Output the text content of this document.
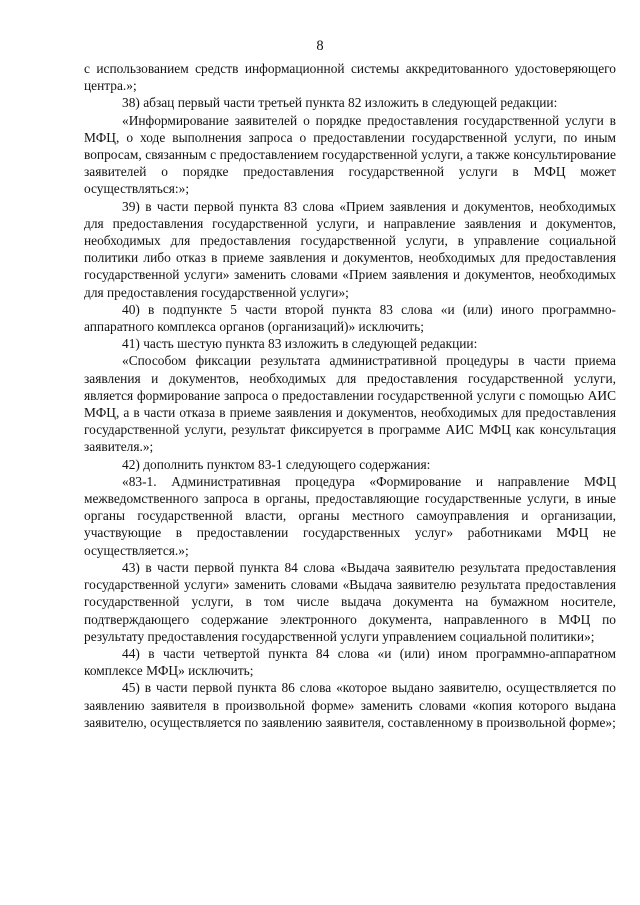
8

с использованием средств информационной системы аккредитованного удостоверяющего центра.»;

38) абзац первый части третьей пункта 82 изложить в следующей редакции:

«Информирование заявителей о порядке предоставления государственной услуги в МФЦ, о ходе выполнения запроса о предоставлении государственной услуги, по иным вопросам, связанным с предоставлением государственной услуги, а также консультирование заявителей о порядке предоставления государственной услуги в МФЦ может осуществляться:»;

39) в части первой пункта 83 слова «Прием заявления и документов, необходимых для предоставления государственной услуги, и направление заявления и документов, необходимых для предоставления государственной услуги, в управление социальной политики либо отказ в приеме заявления и документов, необходимых для предоставления государственной услуги» заменить словами «Прием заявления и документов, необходимых для предоставления государственной услуги»;

40) в подпункте 5 части второй пункта 83 слова «и (или) иного программно-аппаратного комплекса органов (организаций)» исключить;

41) часть шестую пункта 83 изложить в следующей редакции:

«Способом фиксации результата административной процедуры в части приема заявления и документов, необходимых для предоставления государственной услуги, является формирование запроса о предоставлении государственной услуги с помощью АИС МФЦ, а в части отказа в приеме заявления и документов, необходимых для предоставления государственной услуги, результат фиксируется в программе АИС МФЦ как консультация заявителя.»;

42) дополнить пунктом 83-1 следующего содержания:

«83-1. Административная процедура «Формирование и направление МФЦ межведомственного запроса в органы, предоставляющие государственные услуги, в иные органы государственной власти, органы местного самоуправления и организации, участвующие в предоставлении государственных услуг» работниками МФЦ не осуществляется.»;

43) в части первой пункта 84 слова «Выдача заявителю результата предоставления государственной услуги» заменить словами «Выдача заявителю результата предоставления государственной услуги, в том числе выдача документа на бумажном носителе, подтверждающего содержание электронного документа, направленного в МФЦ по результату предоставления государственной услуги управлением социальной политики»;

44) в части четвертой пункта 84 слова «и (или) ином программно-аппаратном комплексе МФЦ» исключить;

45) в части первой пункта 86 слова «которое выдано заявителю, осуществляется по заявлению заявителя в произвольной форме» заменить словами «копия которого выдана заявителю, осуществляется по заявлению заявителя, составленному в произвольной форме»;
